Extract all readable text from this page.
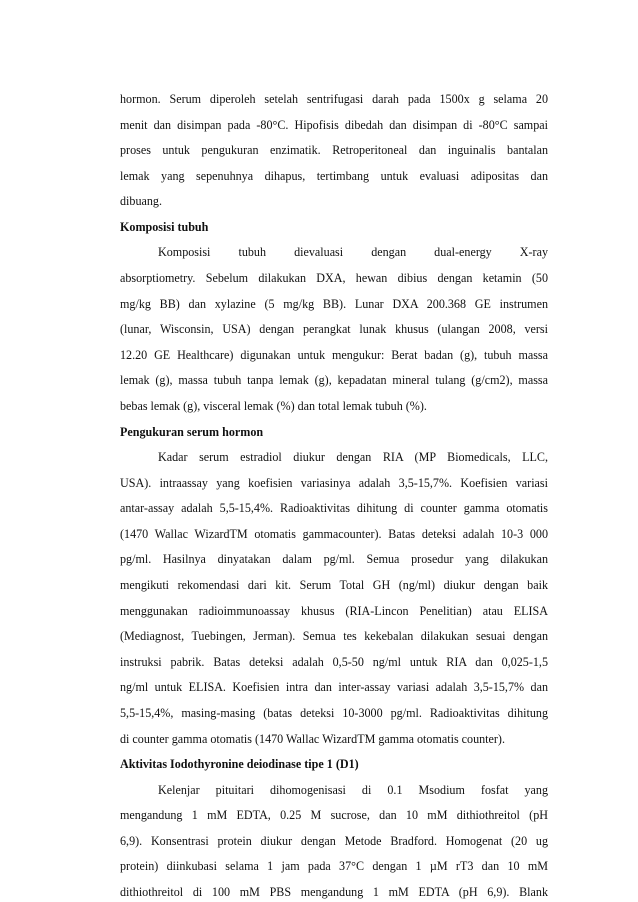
hormon. Serum diperoleh setelah sentrifugasi darah pada 1500x g selama 20
menit dan disimpan pada -80°C. Hipofisis dibedah dan disimpan di -80°C sampai
proses untuk pengukuran enzimatik. Retroperitoneal dan inguinalis bantalan
lemak yang sepenuhnya dihapus, tertimbang untuk evaluasi adipositas dan
dibuang.
Komposisi tubuh
Komposisi tubuh dievaluasi dengan dual-energy X-ray
absorptiometry. Sebelum dilakukan DXA, hewan dibius dengan ketamin (50
mg/kg BB) dan xylazine (5 mg/kg BB). Lunar DXA 200.368 GE instrumen
(lunar, Wisconsin, USA) dengan perangkat lunak khusus (ulangan 2008, versi
12.20 GE Healthcare) digunakan untuk mengukur: Berat badan (g), tubuh massa
lemak (g), massa tubuh tanpa lemak (g), kepadatan mineral tulang (g/cm2), massa
bebas lemak (g), visceral lemak (%) dan total lemak tubuh (%).
Pengukuran serum hormon
Kadar serum estradiol diukur dengan RIA (MP Biomedicals, LLC,
USA). intraassay yang koefisien variasinya adalah 3,5-15,7%. Koefisien variasi
antar-assay adalah 5,5-15,4%. Radioaktivitas dihitung di counter gamma otomatis
(1470 Wallac WizardTM otomatis gammacounter). Batas deteksi adalah 10-3 000
pg/ml. Hasilnya dinyatakan dalam pg/ml. Semua prosedur yang dilakukan
mengikuti rekomendasi dari kit. Serum Total GH (ng/ml) diukur dengan baik
menggunakan radioimmunoassay khusus (RIA-Lincon Penelitian) atau ELISA
(Mediagnost, Tuebingen, Jerman). Semua tes kekebalan dilakukan sesuai dengan
instruksi pabrik. Batas deteksi adalah 0,5-50 ng/ml untuk RIA dan 0,025-1,5
ng/ml untuk ELISA. Koefisien intra dan inter-assay variasi adalah 3,5-15,7% dan
5,5-15,4%, masing-masing (batas deteksi 10-3000 pg/ml. Radioaktivitas dihitung
di counter gamma otomatis (1470 Wallac WizardTM gamma otomatis counter).
Aktivitas Iodothyronine deiodinase tipe 1 (D1)
Kelenjar pituitari dihomogenisasi di 0.1 Msodium fosfat yang
mengandung 1 mM EDTA, 0.25 M sucrose, dan 10 mM dithiothreitol (pH
6,9). Konsentrasi protein diukur dengan Metode Bradford. Homogenat (20 ug
protein) diinkubasi selama 1 jam pada 37°C dengan 1 µM rT3 dan 10 mM
dithiothreitol di 100 mM PBS mengandung 1 mM EDTA (pH 6,9). Blank
